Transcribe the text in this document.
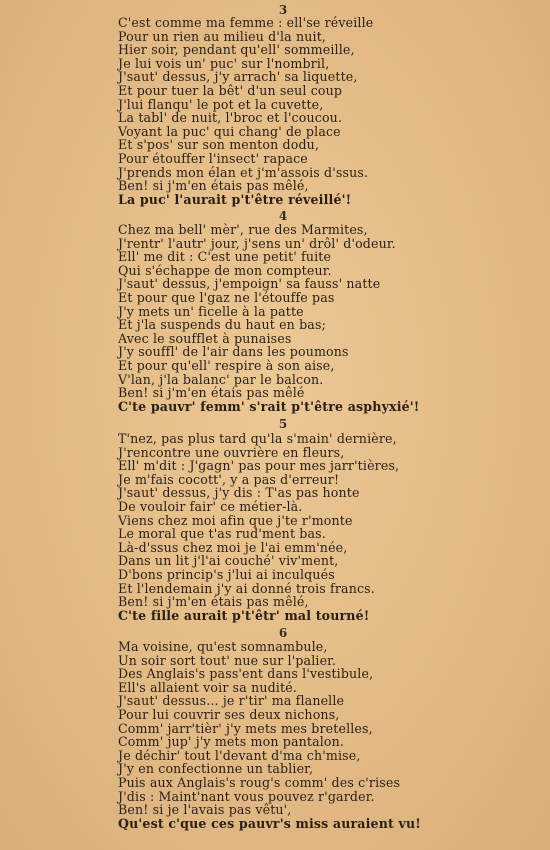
3
C'est comme ma femme : ell'se réveille
Pour un rien au milieu d'la nuit,
Hier soir, pendant qu'ell' sommeille,
Je lui vois un' puc' sur l'nombril,
J'saut' dessus, j'y arrach' sa liquette,
Et pour tuer la bêt' d'un seul coup
J'lui flanqu' le pot et la cuvette,
La tabl' de nuit, l'broc et l'coucou.
Voyant la puc' qui chang' de place
Et s'pos' sur son menton dodu,
Pour étouffer l'insect' rapace
J'prends mon élan et j'm'assois d'ssus.
Ben! si j'm'en étais pas mêlé,
La puc' l'aurait p't'être réveillé'!
4
Chez ma bell' mèr', rue des Marmites,
J'rentr' l'autr' jour, j'sens un' drôl' d'odeur.
Ell' me dit : C'est une petit' fuite
Qui s'échappe de mon compteur.
J'saut' dessus, j'empoign' sa fauss' natte
Et pour que l'gaz ne l'étouffe pas
J'y mets un' ficelle à la patte
Et j'la suspends du haut en bas;
Avec le soufflet à punaises
J'y souffl' de l'air dans les poumons
Et pour qu'ell' respire à son aise,
V'lan, j'la balanc' par le balcon.
Ben! si j'm'en étais pas mêlé
C'te pauvr' femm' s'rait p't'être asphyxié'!
5
T'nez, pas plus tard qu'la s'main' dernière,
J'rencontre une ouvrière en fleurs,
Ell' m'dit : J'gagn' pas pour mes jarr'tières,
Je m'fais cocott', y a pas d'erreur!
J'saut' dessus, j'y dis : T'as pas honte
De vouloir fair' ce métier-là.
Viens chez moi afin que j'te r'monte
Le moral que t'as rud'ment bas.
Là-d'ssus chez moi je l'ai emm'née,
Dans un lit j'l'ai couché' viv'ment,
D'bons princip's j'lui ai inculqués
Et l'lendemain j'y ai donné trois francs.
Ben! si j'm'en étais pas mêlé,
C'te fille aurait p't'êtr' mal tourné!
6
Ma voisine, qu'est somnambule,
Un soir sort tout' nue sur l'palier.
Des Anglais's pass'ent dans l'vestibule,
Ell's allaient voir sa nudité.
J'saut' dessus... je r'tir' ma flanelle
Pour lui couvrir ses deux nichons,
Comm' jarr'tièr' j'y mets mes bretelles,
Comm' jup' j'y mets mon pantalon.
Je déchir' tout l'devant d'ma ch'mise,
J'y en confectionne un tablier,
Puis aux Anglais's roug's comm' des c'rises
J'dis : Maint'nant vous pouvez r'garder.
Ben! si je l'avais pas vêtu',
Qu'est c'que ces pauvr's miss auraient vu!
